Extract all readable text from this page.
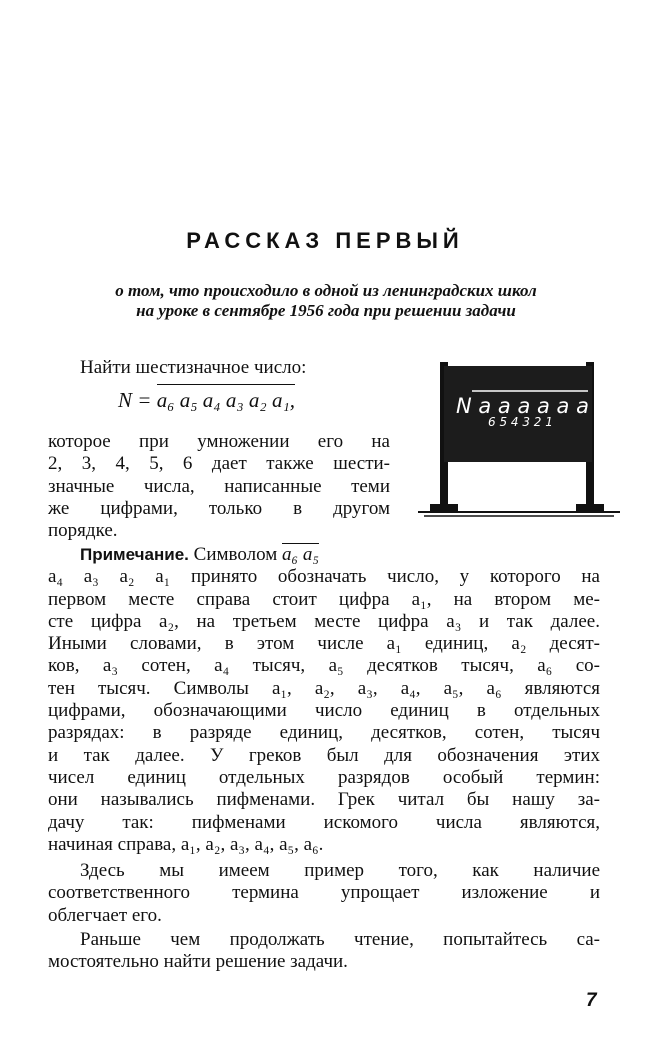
РАССКАЗ ПЕРВЫЙ
о том, что происходило в одной из ленинградских школ
на уроке в сентябре 1956 года при решении задачи
Найти шестизначное число:
N = a₆ a₅ a₄ a₃ a₂ a₁,
которое при умножении его на
2, 3, 4, 5, 6 дает также шести-
значные числа, написанные теми
же цифрами, только в другом
порядке.
N a a a a a a
6 5 4 3 2 1
Примечание. Символом a₆ a₅
a₄ a₃ a₂ a₁ принято обозначать число, у которого на
первом месте справа стоит цифра a₁, на втором ме-
сте цифра a₂, на третьем месте цифра a₃ и так далее.
Иными словами, в этом числе a₁ единиц, a₂ десят-
ков, a₃ сотен, a₄ тысяч, a₅ десятков тысяч, a₆ со-
тен тысяч. Символы a₁, a₂, a₃, a₄, a₅, a₆ являются
цифрами, обозначающими число единиц в отдельных
разрядах: в разряде единиц, десятков, сотен, тысяч
и так далее. У греков был для обозначения этих
чисел единиц отдельных разрядов особый термин:
они назывались пифменами. Грек читал бы нашу за-
дачу так: пифменами искомого числа являются,
начиная справа, a₁, a₂, a₃, a₄, a₅, a₆.
Здесь мы имеем пример того, как наличие
соответственного термина упрощает изложение и
облегчает его.
Раньше чем продолжать чтение, попытайтесь са-
мостоятельно найти решение задачи.
7
